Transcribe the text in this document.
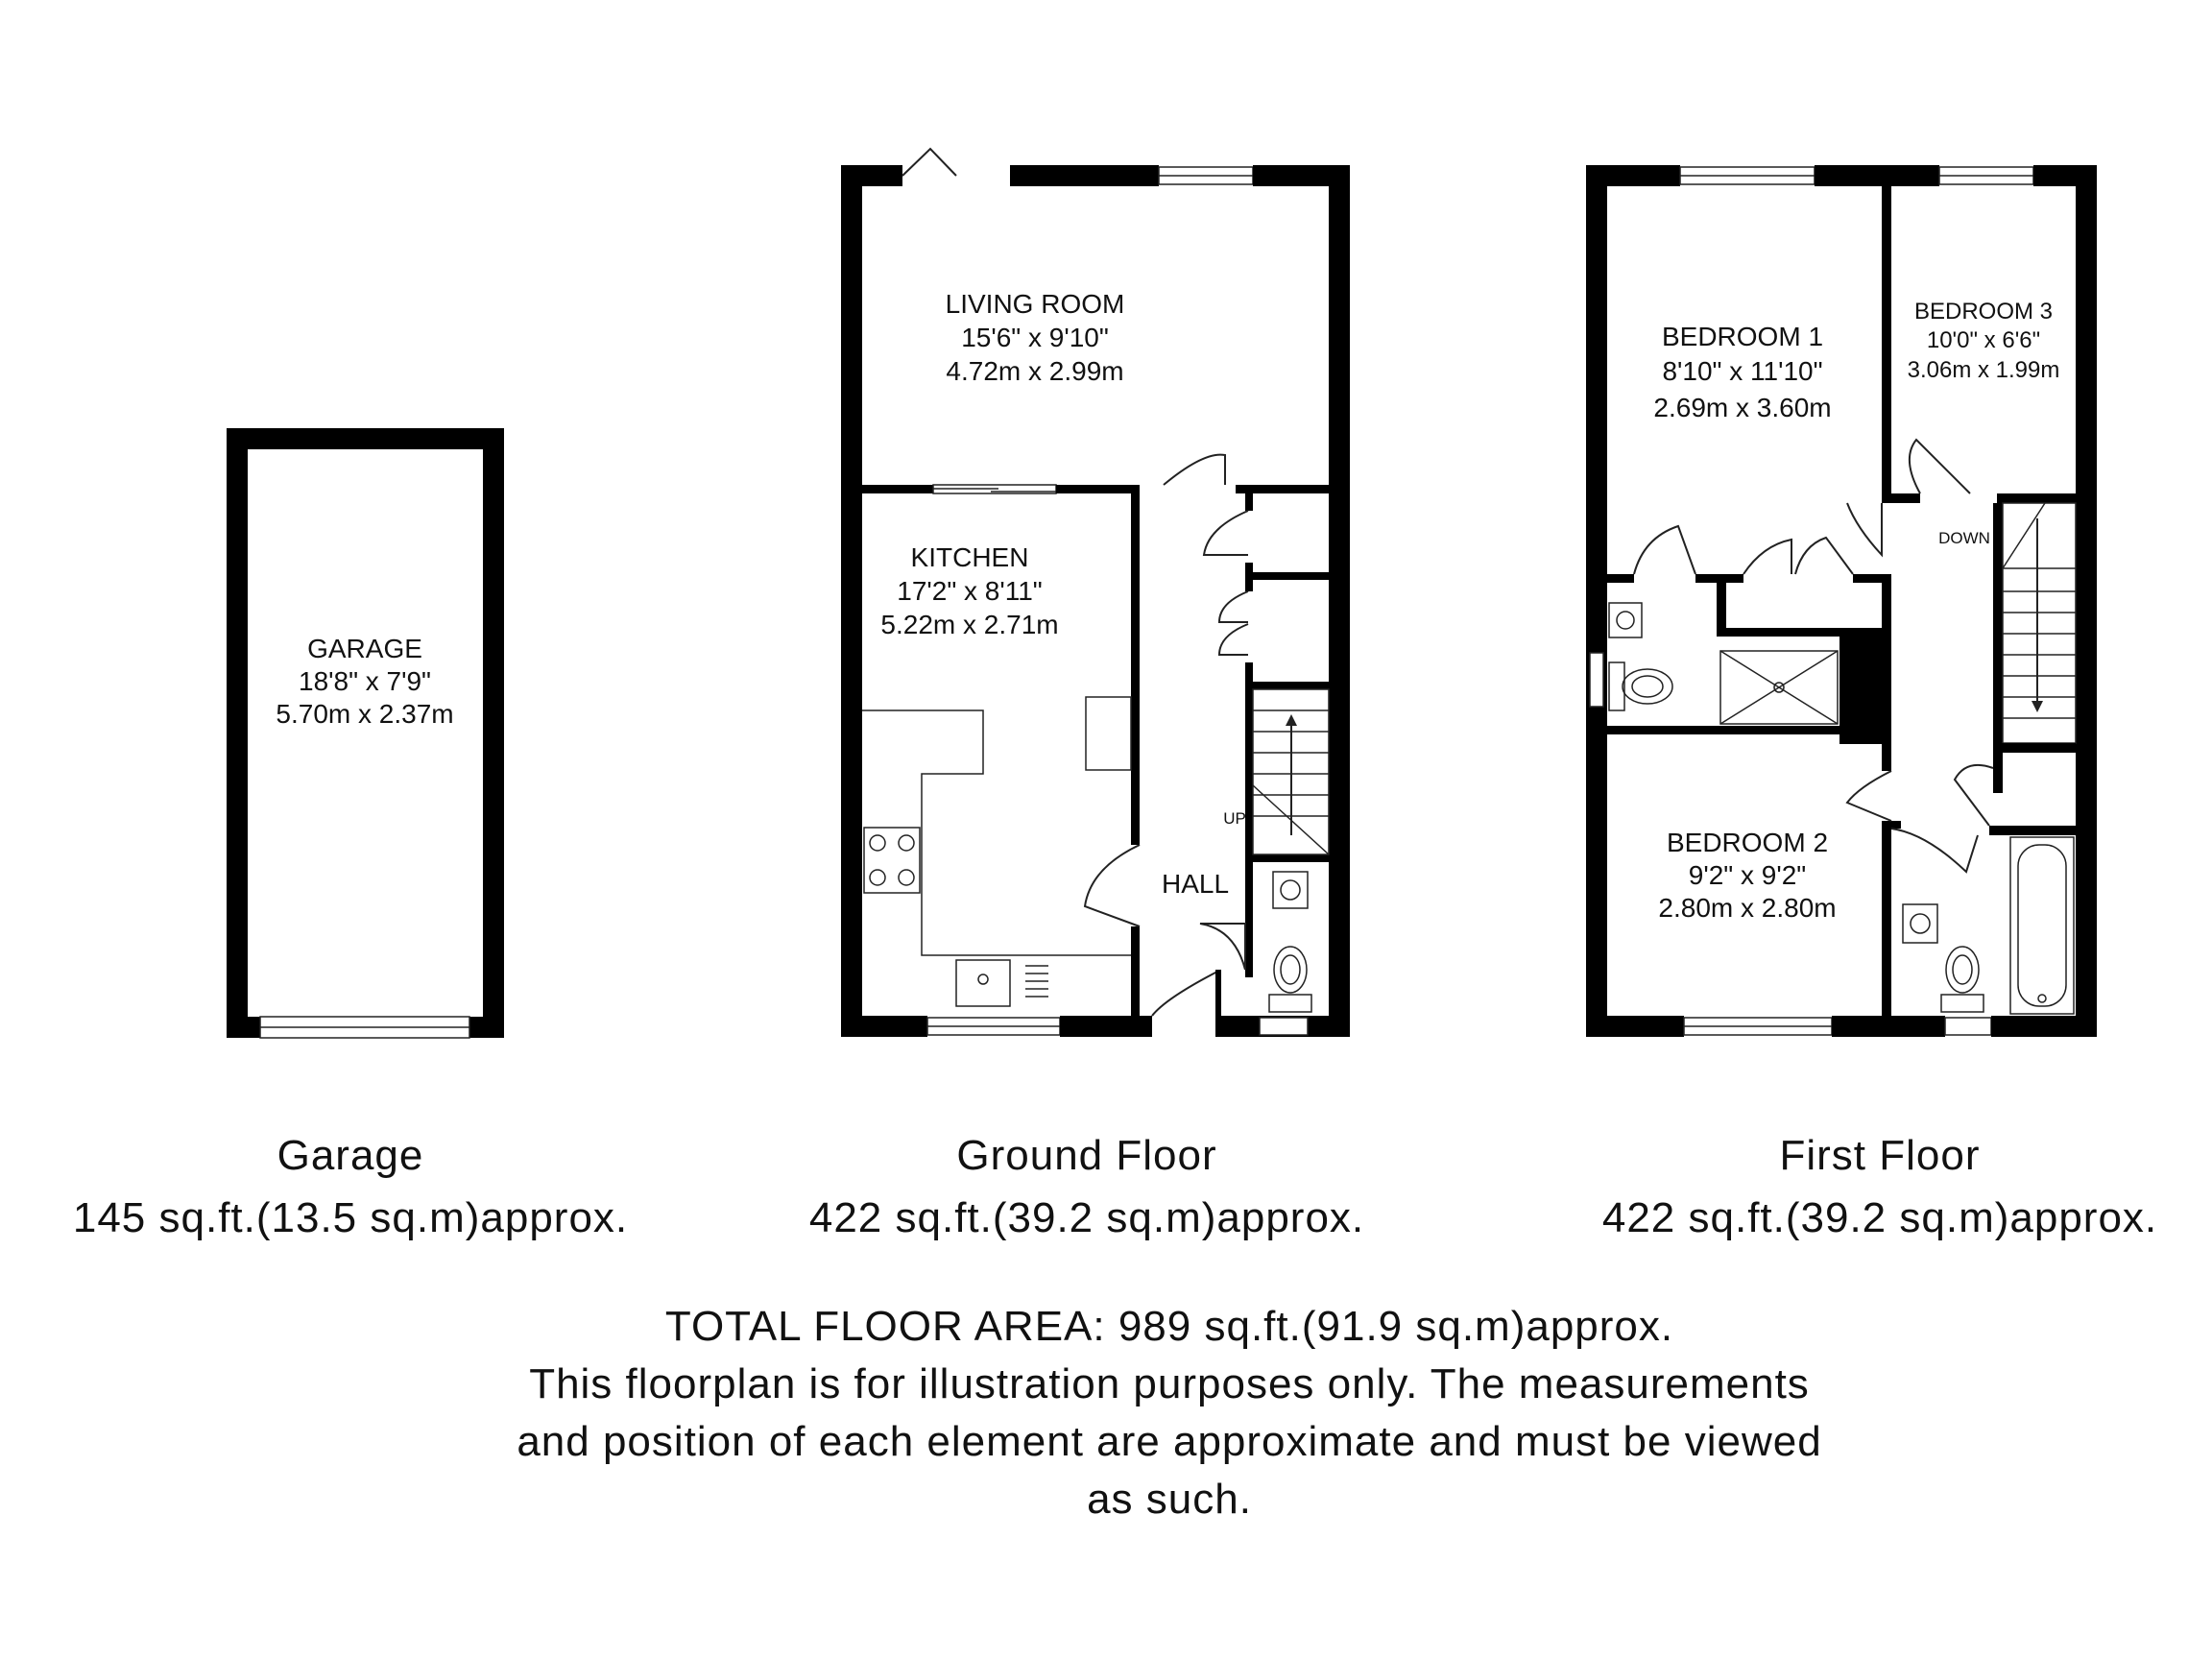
GARAGE
18'8" x 7'9"
5.70m x 2.37m
UP
LIVING ROOM
15'6" x 9'10"
4.72m x 2.99m
KITCHEN
17'2" x 8'11"
5.22m x 2.71m
HALL
DOWN
BEDROOM 1
8'10" x 11'10"
2.69m x 3.60m
BEDROOM 3
10'0" x 6'6"
3.06m x 1.99m
BEDROOM 2
9'2" x 9'2"
2.80m x 2.80m
Garage
145 sq.ft.(13.5 sq.m)approx.
Ground Floor
422 sq.ft.(39.2 sq.m)approx.
First Floor
422 sq.ft.(39.2 sq.m)approx.
TOTAL FLOOR AREA: 989 sq.ft.(91.9 sq.m)approx.
This floorplan is for illustration purposes only. The measurements
and position of each element are approximate and must be viewed
as such.
